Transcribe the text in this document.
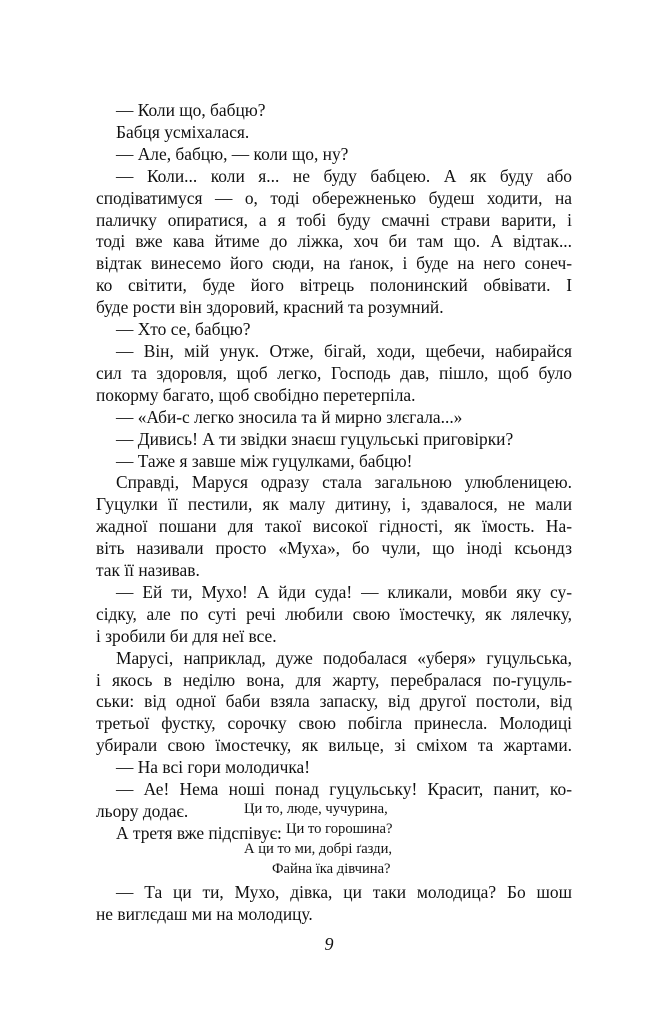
— Коли що, бабцю?
Бабця усміхалася.
— Але, бабцю, — коли що, ну?
— Коли... коли я... не буду бабцею. А як буду або
сподіватимуся — о, тоді обережненько будеш ходити, на
паличку опиратися, а я тобі буду смачні страви варити, і
тоді вже кава йтиме до ліжка, хоч би там що. А відтак...
відтак винесемо його сюди, на ґанок, і буде на него сонеч-
ко світити, буде його вітрець полонинский обвівати. І
буде рости він здоровий, красний та розумний.
— Хто се, бабцю?
— Він, мій унук. Отже, бігай, ходи, щебечи, набирайся
сил та здоровля, щоб легко, Господь дав, пішло, щоб було
покорму багато, щоб свобідно перетерпіла.
— «Аби-с легко зносила та й мирно злєгала...»
— Дивись! А ти звідки знаєш гуцульські приговірки?
— Таже я завше між гуцулками, бабцю!
Справді, Маруся одразу стала загальною улюбленицею.
Гуцулки її пестили, як малу дитину, і, здавалося, не мали
жадної пошани для такої високої гідності, як їмость. На-
віть називали просто «Муха», бо чули, що іноді ксьондз
так її називав.
— Ей ти, Мухо! А йди суда! — кликали, мовби яку су-
сідку, але по суті речі любили свою їмостечку, як лялечку,
і зробили би для неї все.
Марусі, наприклад, дуже подобалася «уберя» гуцульська,
і якось в неділю вона, для жарту, перебралася по-гуцуль-
ськи: від одної баби взяла запаску, від другої постоли, від
третьої фустку, сорочку свою побігла принесла. Молодиці
убирали свою їмостечку, як вильце, зі сміхом та жартами.
— На всі гори молодичка!
— Ае! Нема ноші понад гуцульську! Красит, панит, ко-
льору додає.
А третя вже підспівує:
Ци то, люде, чучурина,
Ци то горошина?
А ци то ми, добрі ґазди,
Файна їка дівчина?
— Та ци ти, Мухо, дівка, ци таки молодица? Бо шош
не виглєдаш ми на молодицу.
9
